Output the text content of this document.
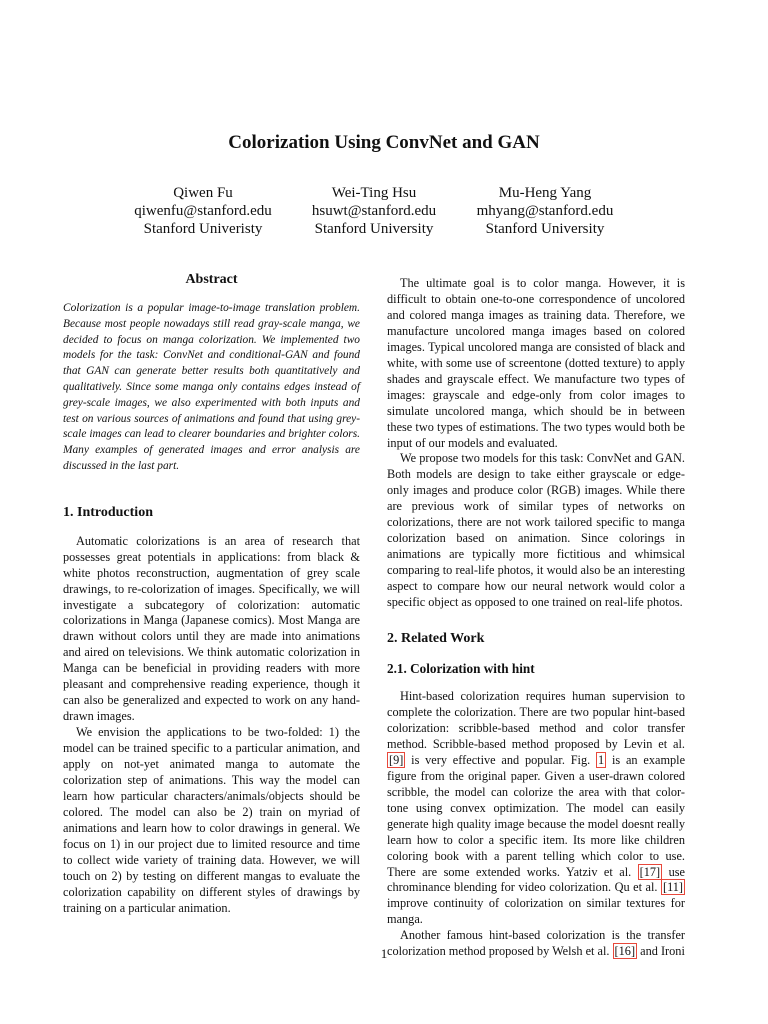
Colorization Using ConvNet and GAN
Qiwen Fu
qiwenfu@stanford.edu
Stanford Univeristy
Wei-Ting Hsu
hsuwt@stanford.edu
Stanford University
Mu-Heng Yang
mhyang@stanford.edu
Stanford University
Abstract

Colorization is a popular image-to-image translation problem. Because most people nowadays still read gray-scale manga, we decided to focus on manga colorization. We implemented two models for the task: ConvNet and conditional-GAN and found that GAN can generate better results both quantitatively and qualitatively. Since some manga only contains edges instead of grey-scale images, we also experimented with both inputs and test on various sources of animations and found that using grey-scale images can lead to clearer boundaries and brighter colors. Many examples of generated images and error analysis are discussed in the last part.

1. Introduction

Automatic colorizations is an area of research that possesses great potentials in applications: from black & white photos reconstruction, augmentation of grey scale drawings, to re-colorization of images. Specifically, we will investigate a subcategory of colorization: automatic colorizations in Manga (Japanese comics). Most Manga are drawn without colors until they are made into animations and aired on televisions. We think automatic colorization in Manga can be beneficial in providing readers with more pleasant and comprehensive reading experience, though it can also be generalized and expected to work on any hand-drawn images.

We envision the applications to be two-folded: 1) the model can be trained specific to a particular animation, and apply on not-yet animated manga to automate the colorization step of animations. This way the model can learn how particular characters/animals/objects should be colored. The model can also be 2) train on myriad of animations and learn how to color drawings in general. We focus on 1) in our project due to limited resource and time to collect wide variety of training data. However, we will touch on 2) by testing on different mangas to evaluate the colorization capability on different styles of drawings by training on a particular animation.

The ultimate goal is to color manga. However, it is difficult to obtain one-to-one correspondence of uncolored and colored manga images as training data. Therefore, we manufacture uncolored manga images based on colored images. Typical uncolored manga are consisted of black and white, with some use of screentone (dotted texture) to apply shades and grayscale effect. We manufacture two types of images: grayscale and edge-only from color images to simulate uncolored manga, which should be in between these two types of estimations. The two types would both be input of our models and evaluated.

We propose two models for this task: ConvNet and GAN. Both models are design to take either grayscale or edge-only images and produce color (RGB) images. While there are previous work of similar types of networks on colorizations, there are not work tailored specific to manga colorization based on animation. Since colorings in animations are typically more fictitious and whimsical comparing to real-life photos, it would also be an interesting aspect to compare how our neural network would color a specific object as opposed to one trained on real-life photos.

2. Related Work
2.1. Colorization with hint

Hint-based colorization requires human supervision to complete the colorization. There are two popular hint-based colorization: scribble-based method and color transfer method. Scribble-based method proposed by Levin et al. [9] is very effective and popular. Fig. 1 is an example figure from the original paper. Given a user-drawn colored scribble, the model can colorize the area with that color-tone using convex optimization. The model can easily generate high quality image because the model doesnt really learn how to color a specific item. Its more like children coloring book with a parent telling which color to use. There are some extended works. Yatziv et al. [17] use chrominance blending for video colorization. Qu et al. [11] improve continuity of colorization on similar textures for manga.

Another famous hint-based colorization is the transfer colorization method proposed by Welsh et al. [16] and Ironi

1
